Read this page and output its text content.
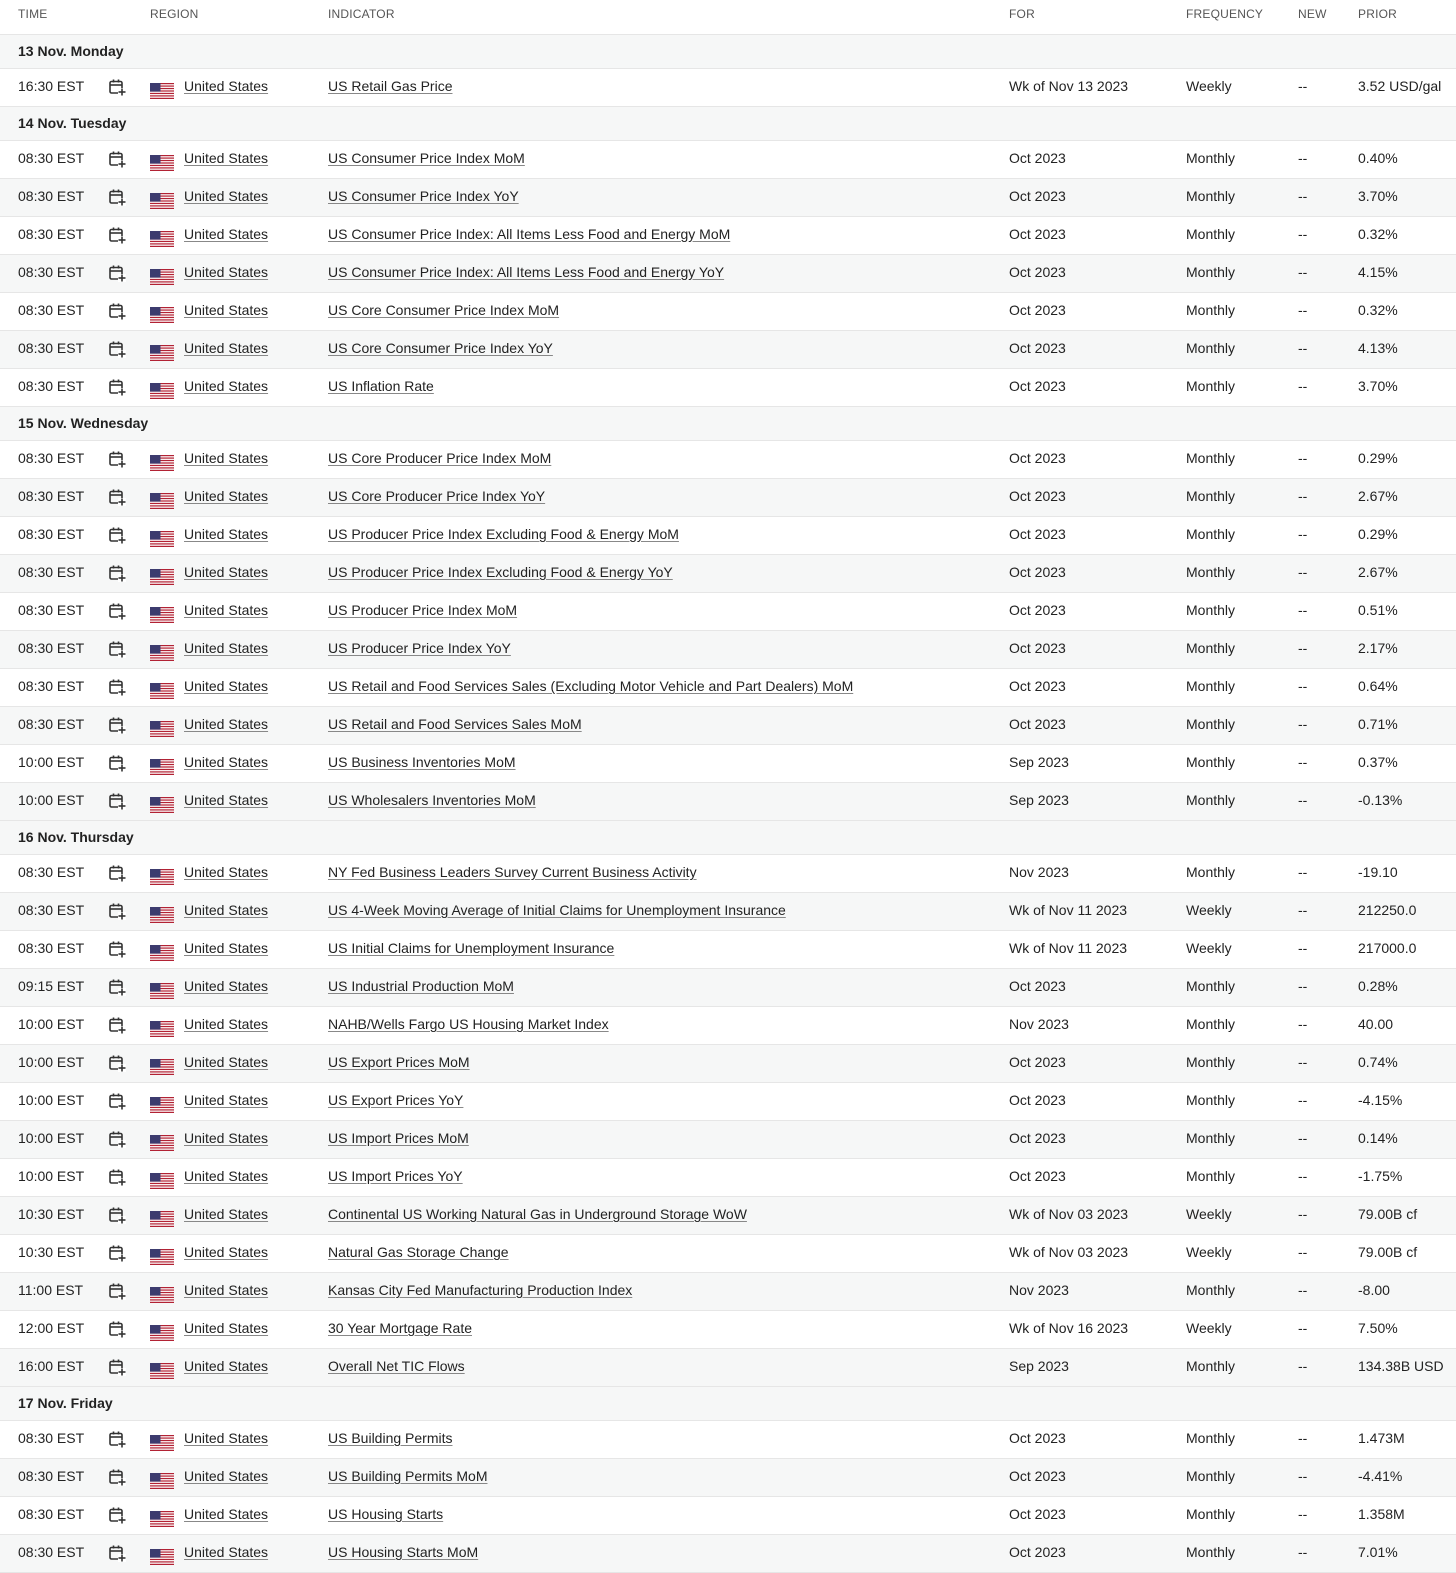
TIME	REGION	INDICATOR	FOR	FREQUENCY	NEW	PRIOR
13 Nov. Monday
16:30 EST	United States	US Retail Gas Price	Wk of Nov 13 2023	Weekly	--	3.52 USD/gal
14 Nov. Tuesday
08:30 EST	United States	US Consumer Price Index MoM	Oct 2023	Monthly	--	0.40%
08:30 EST	United States	US Consumer Price Index YoY	Oct 2023	Monthly	--	3.70%
08:30 EST	United States	US Consumer Price Index: All Items Less Food and Energy MoM	Oct 2023	Monthly	--	0.32%
08:30 EST	United States	US Consumer Price Index: All Items Less Food and Energy YoY	Oct 2023	Monthly	--	4.15%
08:30 EST	United States	US Core Consumer Price Index MoM	Oct 2023	Monthly	--	0.32%
08:30 EST	United States	US Core Consumer Price Index YoY	Oct 2023	Monthly	--	4.13%
08:30 EST	United States	US Inflation Rate	Oct 2023	Monthly	--	3.70%
15 Nov. Wednesday
08:30 EST	United States	US Core Producer Price Index MoM	Oct 2023	Monthly	--	0.29%
08:30 EST	United States	US Core Producer Price Index YoY	Oct 2023	Monthly	--	2.67%
08:30 EST	United States	US Producer Price Index Excluding Food & Energy MoM	Oct 2023	Monthly	--	0.29%
08:30 EST	United States	US Producer Price Index Excluding Food & Energy YoY	Oct 2023	Monthly	--	2.67%
08:30 EST	United States	US Producer Price Index MoM	Oct 2023	Monthly	--	0.51%
08:30 EST	United States	US Producer Price Index YoY	Oct 2023	Monthly	--	2.17%
08:30 EST	United States	US Retail and Food Services Sales (Excluding Motor Vehicle and Part Dealers) MoM	Oct 2023	Monthly	--	0.64%
08:30 EST	United States	US Retail and Food Services Sales MoM	Oct 2023	Monthly	--	0.71%
10:00 EST	United States	US Business Inventories MoM	Sep 2023	Monthly	--	0.37%
10:00 EST	United States	US Wholesalers Inventories MoM	Sep 2023	Monthly	--	-0.13%
16 Nov. Thursday
08:30 EST	United States	NY Fed Business Leaders Survey Current Business Activity	Nov 2023	Monthly	--	-19.10
08:30 EST	United States	US 4-Week Moving Average of Initial Claims for Unemployment Insurance	Wk of Nov 11 2023	Weekly	--	212250.0
08:30 EST	United States	US Initial Claims for Unemployment Insurance	Wk of Nov 11 2023	Weekly	--	217000.0
09:15 EST	United States	US Industrial Production MoM	Oct 2023	Monthly	--	0.28%
10:00 EST	United States	NAHB/Wells Fargo US Housing Market Index	Nov 2023	Monthly	--	40.00
10:00 EST	United States	US Export Prices MoM	Oct 2023	Monthly	--	0.74%
10:00 EST	United States	US Export Prices YoY	Oct 2023	Monthly	--	-4.15%
10:00 EST	United States	US Import Prices MoM	Oct 2023	Monthly	--	0.14%
10:00 EST	United States	US Import Prices YoY	Oct 2023	Monthly	--	-1.75%
10:30 EST	United States	Continental US Working Natural Gas in Underground Storage WoW	Wk of Nov 03 2023	Weekly	--	79.00B cf
10:30 EST	United States	Natural Gas Storage Change	Wk of Nov 03 2023	Weekly	--	79.00B cf
11:00 EST	United States	Kansas City Fed Manufacturing Production Index	Nov 2023	Monthly	--	-8.00
12:00 EST	United States	30 Year Mortgage Rate	Wk of Nov 16 2023	Weekly	--	7.50%
16:00 EST	United States	Overall Net TIC Flows	Sep 2023	Monthly	--	134.38B USD
17 Nov. Friday
08:30 EST	United States	US Building Permits	Oct 2023	Monthly	--	1.473M
08:30 EST	United States	US Building Permits MoM	Oct 2023	Monthly	--	-4.41%
08:30 EST	United States	US Housing Starts	Oct 2023	Monthly	--	1.358M
08:30 EST	United States	US Housing Starts MoM	Oct 2023	Monthly	--	7.01%
